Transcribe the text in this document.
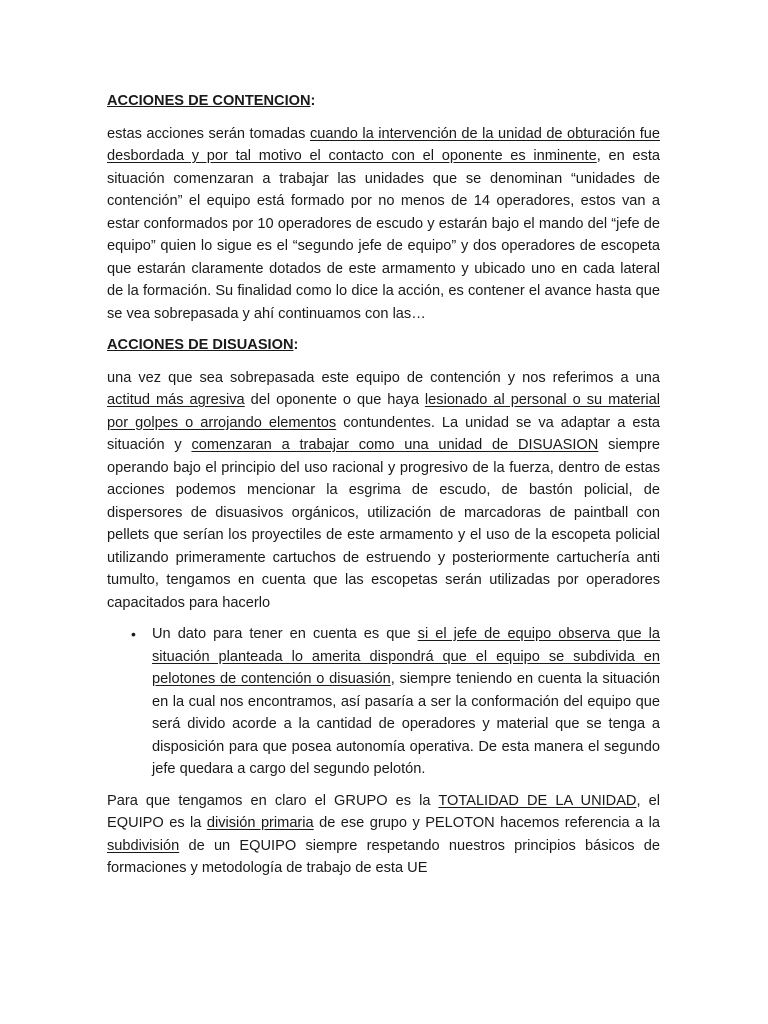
ACCIONES DE CONTENCION:

estas acciones serán tomadas cuando la intervención de la unidad de obturación fue desbordada y por tal motivo el contacto con el oponente es inminente, en esta situación comenzaran a trabajar las unidades que se denominan “unidades de contención” el equipo está formado por no menos de 14 operadores, estos van a estar conformados por 10 operadores de escudo y estarán bajo el mando del “jefe de equipo” quien lo sigue es el “segundo jefe de equipo” y dos operadores de escopeta que estarán claramente dotados de este armamento y ubicado uno en cada lateral de la formación. Su finalidad como lo dice la acción, es contener el avance hasta que se vea sobrepasada y ahí continuamos con las…

ACCIONES DE DISUASION:

una vez que sea sobrepasada este equipo de contención y nos referimos a una actitud más agresiva del oponente o que haya lesionado al personal o su material por golpes o arrojando elementos contundentes. La unidad se va adaptar a esta situación y comenzaran a trabajar como una unidad de DISUASION siempre operando bajo el principio del uso racional y progresivo de la fuerza, dentro de estas acciones podemos mencionar la esgrima de escudo, de bastón policial, de dispersores de disuasivos orgánicos, utilización de marcadoras de paintball con pellets que serían los proyectiles de este armamento y el uso de la escopeta policial utilizando primeramente cartuchos de estruendo y posteriormente cartuchería anti tumulto, tengamos en cuenta que las escopetas serán utilizadas por operadores capacitados para hacerlo

• Un dato para tener en cuenta es que si el jefe de equipo observa que la situación planteada lo amerita dispondrá que el equipo se subdivida en pelotones de contención o disuasión, siempre teniendo en cuenta la situación en la cual nos encontramos, así pasaría a ser la conformación del equipo que será divido acorde a la cantidad de operadores y material que se tenga a disposición para que posea autonomía operativa. De esta manera el segundo jefe quedara a cargo del segundo pelotón.

Para que tengamos en claro el GRUPO es la TOTALIDAD DE LA UNIDAD, el EQUIPO es la división primaria de ese grupo y PELOTON hacemos referencia a la subdivisión de un EQUIPO siempre respetando nuestros principios básicos de formaciones y metodología de trabajo de esta UE
